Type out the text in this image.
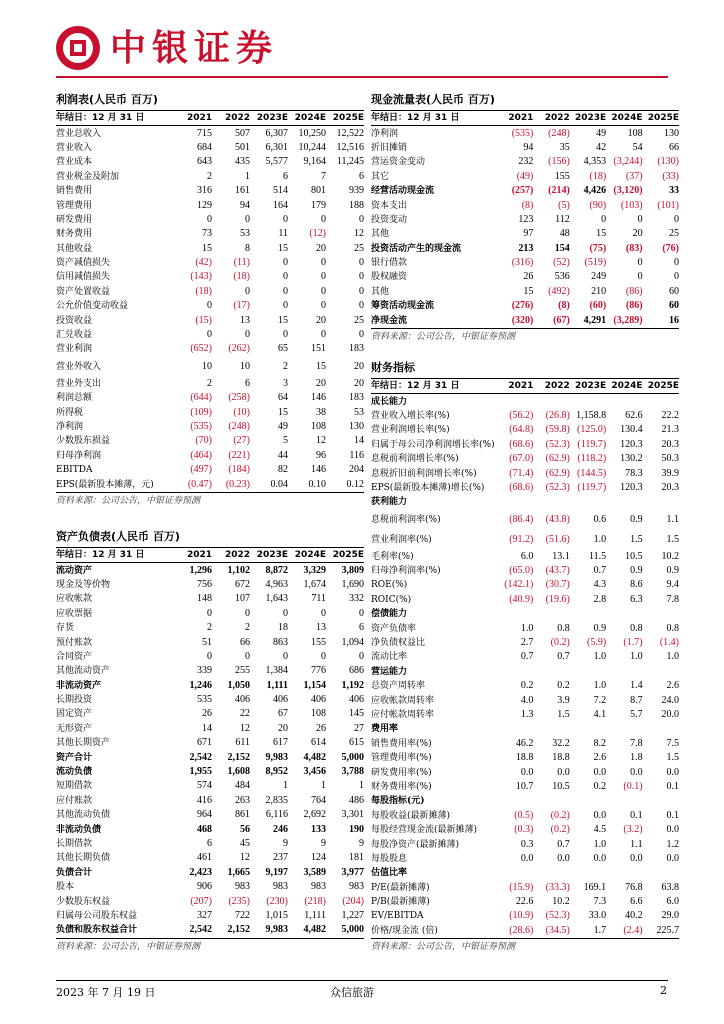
中银证券
利润表(人民币 百万)
年结日：12 月 31 日	2021	2022	2023E	2024E	2025E
营业总收入	715	507	6,307	10,250	12,522
营业收入	684	501	6,301	10,244	12,516
营业成本	643	435	5,577	9,164	11,245
营业税金及附加	2	1	6	7	6
销售费用	316	161	514	801	939
管理费用	129	94	164	179	188
研发费用	0	0	0	0	0
财务费用	73	53	11	(12)	12
其他收益	15	8	15	20	25
资产减值损失	(42)	(11)	0	0	0
信用减值损失	(143)	(18)	0	0	0
资产处置收益	(18)	0	0	0	0
公允价值变动收益	0	(17)	0	0	0
投资收益	(15)	13	15	20	25
汇兑收益	0	0	0	0	0
营业利润	(652)	(262)	65	151	183
营业外收入	10	10	2	15	20
营业外支出	2	6	3	20	20
利润总额	(644)	(258)	64	146	183
所得税	(109)	(10)	15	38	53
净利润	(535)	(248)	49	108	130
少数股东损益	(70)	(27)	5	12	14
归母净利润	(464)	(221)	44	96	116
EBITDA	(497)	(184)	82	146	204
EPS(最新股本摊薄，元)	(0.47)	(0.23)	0.04	0.10	0.12
资料来源：公司公告，中银证券预测
资产负债表(人民币 百万)
年结日：12 月 31 日	2021	2022	2023E	2024E	2025E
流动资产	1,296	1,102	8,872	3,329	3,809
现金及等价物	756	672	4,963	1,674	1,690
应收帐款	148	107	1,643	711	332
应收票据	0	0	0	0	0
存货	2	2	18	13	6
预付账款	51	66	863	155	1,094
合同资产	0	0	0	0	0
其他流动资产	339	255	1,384	776	686
非流动资产	1,246	1,050	1,111	1,154	1,192
长期投资	535	406	406	406	406
固定资产	26	22	67	108	145
无形资产	14	12	20	26	27
其他长期资产	671	611	617	614	615
资产合计	2,542	2,152	9,983	4,482	5,000
流动负债	1,955	1,608	8,952	3,456	3,788
短期借款	574	484	1	1	1
应付账款	416	263	2,835	764	486
其他流动负债	964	861	6,116	2,692	3,301
非流动负债	468	56	246	133	190
长期借款	6	45	9	9	9
其他长期负债	461	12	237	124	181
负债合计	2,423	1,665	9,197	3,589	3,977
股本	906	983	983	983	983
少数股东权益	(207)	(235)	(230)	(218)	(204)
归属母公司股东权益	327	722	1,015	1,111	1,227
负债和股东权益合计	2,542	2,152	9,983	4,482	5,000
资料来源：公司公告，中银证券预测
现金流量表(人民币 百万)
年结日：12 月 31 日	2021	2022	2023E	2024E	2025E
净利润	(535)	(248)	49	108	130
折旧摊销	94	35	42	54	66
营运资金变动	232	(156)	4,353	(3,244)	(130)
其它	(49)	155	(18)	(37)	(33)
经营活动现金流	(257)	(214)	4,426	(3,120)	33
资本支出	(8)	(5)	(90)	(103)	(101)
投资变动	123	112	0	0	0
其他	97	48	15	20	25
投资活动产生的现金流	213	154	(75)	(83)	(76)
银行借款	(316)	(52)	(519)	0	0
股权融资	26	536	249	0	0
其他	15	(492)	210	(86)	60
筹资活动现金流	(276)	(8)	(60)	(86)	60
净现金流	(320)	(67)	4,291	(3,289)	16
资料来源：公司公告，中银证券预测
财务指标
年结日：12 月 31 日	2021	2022	2023E	2024E	2025E
成长能力					
营业收入增长率(%)	(56.2)	(26.8)	1,158.8	62.6	22.2
营业利润增长率(%)	(64.8)	(59.8)	(125.0)	130.4	21.3
归属于母公司净利润增长率(%)	(68.6)	(52.3)	(119.7)	120.3	20.3
息税前利润增长率(%)	(67.0)	(62.9)	(118.2)	130.2	50.3
息税折旧前利润增长率(%)	(71.4)	(62.9)	(144.5)	78.3	39.9
EPS(最新股本摊薄)增长(%)	(68.6)	(52.3)	(119.7)	120.3	20.3
获利能力					
息税前利润率(%)	(86.4)	(43.8)	0.6	0.9	1.1
营业利润率(%)	(91.2)	(51.6)	1.0	1.5	1.5
毛利率(%)	6.0	13.1	11.5	10.5	10.2
归母净利润率(%)	(65.0)	(43.7)	0.7	0.9	0.9
ROE(%)	(142.1)	(30.7)	4.3	8.6	9.4
ROIC(%)	(40.9)	(19.6)	2.8	6.3	7.8
偿债能力					
资产负债率	1.0	0.8	0.9	0.8	0.8
净负债权益比	2.7	(0.2)	(5.9)	(1.7)	(1.4)
流动比率	0.7	0.7	1.0	1.0	1.0
营运能力					
总资产周转率	0.2	0.2	1.0	1.4	2.6
应收帐款周转率	4.0	3.9	7.2	8.7	24.0
应付帐款周转率	1.3	1.5	4.1	5.7	20.0
费用率					
销售费用率(%)	46.2	32.2	8.2	7.8	7.5
管理费用率(%)	18.8	18.8	2.6	1.8	1.5
研发费用率(%)	0.0	0.0	0.0	0.0	0.0
财务费用率(%)	10.7	10.5	0.2	(0.1)	0.1
每股指标(元)					
每股收益(最新摊薄)	(0.5)	(0.2)	0.0	0.1	0.1
每股经营现金流(最新摊薄)	(0.3)	(0.2)	4.5	(3.2)	0.0
每股净资产(最新摊薄)	0.3	0.7	1.0	1.1	1.2
每股股息	0.0	0.0	0.0	0.0	0.0
估值比率					
P/E(最新摊薄)	(15.9)	(33.3)	169.1	76.8	63.8
P/B(最新摊薄)	22.6	10.2	7.3	6.6	6.0
EV/EBITDA	(10.9)	(52.3)	33.0	40.2	29.0
价格/现金流 (倍)	(28.6)	(34.5)	1.7	(2.4)	225.7
资料来源：公司公告，中银证券预测
2023 年 7 月 19 日	众信旅游	2
